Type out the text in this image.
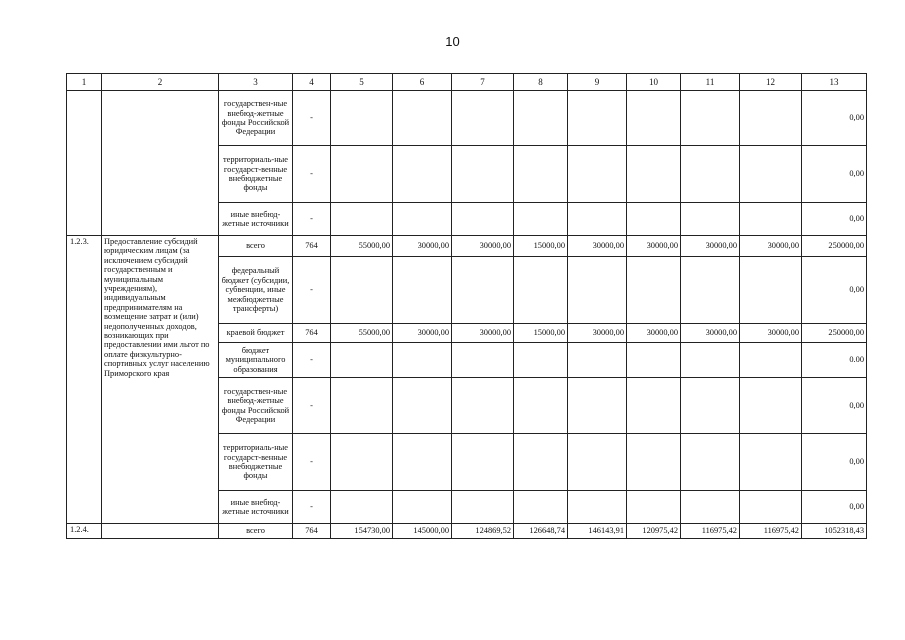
10
1	2	3	4	5	6	7	8	9	10	11	12	13
		государствен-ные внебюд-жетные фонды Российской Федерации	-									0,00
		территориаль-ные государст-венные внебюджетные фонды	-									0,00
		иные внебюд-жетные источники	-									0,00
1.2.3.	Предоставление субсидий юридическим лицам (за исключением субсидий государственным и муниципальным учреждениям), индивидуальным предпринимателям на возмещение затрат и (или) недополученных доходов, возникающих при предоставлении ими льгот по оплате физкультурно-спортивных услуг населению Приморского края	всего	764	55000,00	30000,00	30000,00	15000,00	30000,00	30000,00	30000,00	30000,00	250000,00
		федеральный бюджет (субсидии, субвенции, иные межбюджетные трансферты)	-									0,00
		краевой бюджет	764	55000,00	30000,00	30000,00	15000,00	30000,00	30000,00	30000,00	30000,00	250000,00
		бюджет муниципального образования	-									0.00
		государствен-ные внебюд-жетные фонды Российской Федерации	-									0,00
		территориаль-ные государст-венные внебюджетные фонды	-									0,00
		иные внебюд-жетные источники	-									0,00
1.2.4.		всего	764	154730,00	145000,00	124869,52	126648,74	146143,91	120975,42	116975,42	116975,42	1052318,43
